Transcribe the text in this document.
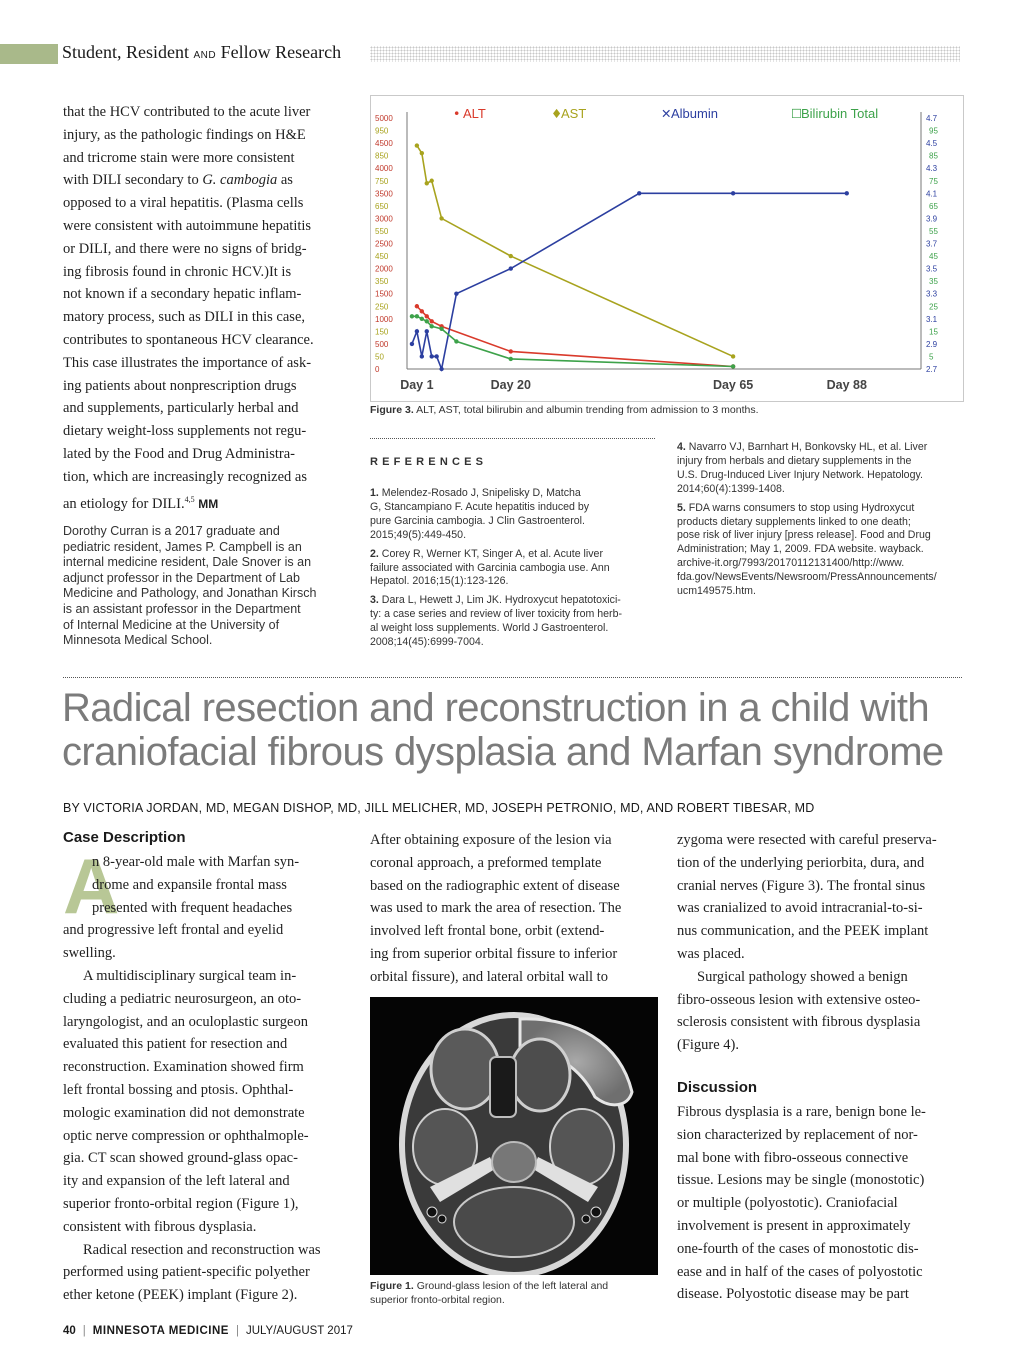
Student, Resident AND Fellow Research
that the HCV contributed to the acute liver
injury, as the pathologic findings on H&E
and tricrome stain were more consistent
with DILI secondary to G. cambogia as
opposed to a viral hepatitis. (Plasma cells
were consistent with autoimmune hepatitis
or DILI, and there were no signs of bridg-
ing fibrosis found in chronic HCV.)It is
not known if a secondary hepatic inflam-
matory process, such as DILI in this case,
contributes to spontaneous HCV clearance.
This case illustrates the importance of ask-
ing patients about nonprescription drugs
and supplements, particularly herbal and
dietary weight-loss supplements not regu-
lated by the Food and Drug Administra-
tion, which are increasingly recognized as
an etiology for DILI.$^{4,5}$ MM
Dorothy Curran is a 2017 graduate and
pediatric resident, James P. Campbell is an
internal medicine resident, Dale Snover is an
adjunct professor in the Department of Lab
Medicine and Pathology, and Jonathan Kirsch
is an assistant professor in the Department
of Internal Medicine at the University of
Minnesota Medical School.
5000
4500
4000
3500
3000
2500
2000
1500
1000
500
0
950
850
750
650
550
450
350
250
150
50
4.7
4.5
4.3
4.1
3.9
3.7
3.5
3.3
3.1
2.9
2.7
95
85
75
65
55
45
35
25
15
5
Day 1	Day 20	Day 65	Day 88
• ALT	♦
AST	✕ Albumin	☐
Bilirubin Total
Figure 3. ALT, AST, total bilirubin and albumin trending from admission to 3 months.
REFERENCES
1. Melendez-Rosado J, Snipelisky D, Matcha
G, Stancampiano F. Acute hepatitis induced by
pure Garcinia cambogia. J Clin Gastroenterol.
2015;49(5):449-450.
2. Corey R, Werner KT, Singer A, et al. Acute liver
failure associated with Garcinia cambogia use. Ann
Hepatol. 2016;15(1):123-126.
3. Dara L, Hewett J, Lim JK. Hydroxycut hepatotoxici-
ty: a case series and review of liver toxicity from herb-
al weight loss supplements. World J Gastroenterol.
2008;14(45):6999-7004.
4. Navarro VJ, Barnhart H, Bonkovsky HL, et al. Liver
injury from herbals and dietary supplements in the
U.S. Drug-Induced Liver Injury Network. Hepatology.
2014;60(4):1399-1408.
5. FDA warns consumers to stop using Hydroxycut
products dietary supplements linked to one death;
pose risk of liver injury [press release]. Food and Drug
Administration; May 1, 2009. FDA website. wayback.
archive-it.org/7993/20170112131400/http://www.
fda.gov/NewsEvents/Newsroom/PressAnnouncements/
ucm149575.htm.
Radical resection and reconstruction in a child with
craniofacial fibrous dysplasia and Marfan syndrome
BY VICTORIA JORDAN, MD, MEGAN DISHOP, MD, JILL MELICHER, MD, JOSEPH PETRONIO, MD, AND ROBERT TIBESAR, MD
Case Description
A
n 8-year-old male with Marfan syn-
drome and expansile frontal mass
presented with frequent headaches
and progressive left frontal and eyelid
swelling.
A multidisciplinary surgical team in-
cluding a pediatric neurosurgeon, an oto-
laryngologist, and an oculoplastic surgeon
evaluated this patient for resection and
reconstruction. Examination showed firm
left frontal bossing and ptosis. Ophthal-
mologic examination did not demonstrate
optic nerve compression or ophthalmople-
gia. CT scan showed ground-glass opac-
ity and expansion of the left lateral and
superior fronto-orbital region (Figure 1),
consistent with fibrous dysplasia.
Radical resection and reconstruction was
performed using patient-specific polyether
ether ketone (PEEK) implant (Figure 2).
After obtaining exposure of the lesion via
coronal approach, a preformed template
based on the radiographic extent of disease
was used to mark the area of resection. The
involved left frontal bone, orbit (extend-
ing from superior orbital fissure to inferior
orbital fissure), and lateral orbital wall to
Figure 1. Ground-glass lesion of the left lateral and
superior fronto-orbital region.
zygoma were resected with careful preserva-
tion of the underlying periorbita, dura, and
cranial nerves (Figure 3). The frontal sinus
was cranialized to avoid intracranial-to-si-
nus communication, and the PEEK implant
was placed.
Surgical pathology showed a benign
fibro-osseous lesion with extensive osteo-
sclerosis consistent with fibrous dysplasia
(Figure 4).
Discussion
Fibrous dysplasia is a rare, benign bone le-
sion characterized by replacement of nor-
mal bone with fibro-osseous connective
tissue. Lesions may be single (monostotic)
or multiple (polyostotic). Craniofacial
involvement is present in approximately
one-fourth of the cases of monostotic dis-
ease and in half of the cases of polyostotic
disease. Polyostotic disease may be part
40 | MINNESOTA MEDICINE | JULY/AUGUST 2017
